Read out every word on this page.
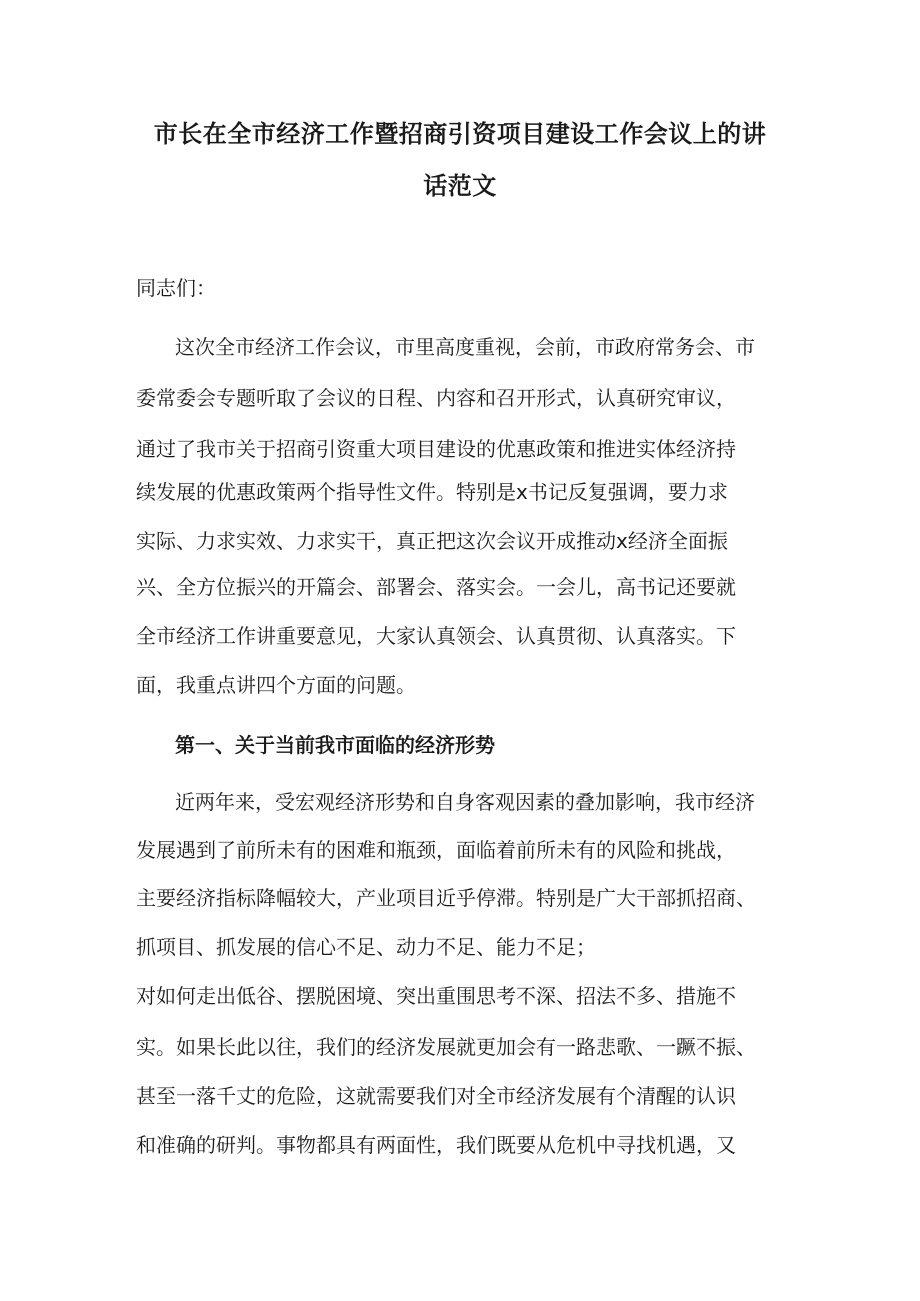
市长在全市经济工作暨招商引资项目建设工作会议上的讲
话范文
同志们：
这次全市经济工作会议，市里高度重视，会前，市政府常务会、市
委常委会专题听取了会议的日程、内容和召开形式，认真研究审议，
通过了我市关于招商引资重大项目建设的优惠政策和推进实体经济持
续发展的优惠政策两个指导性文件。特别是x书记反复强调，要力求
实际、力求实效、力求实干，真正把这次会议开成推动x经济全面振
兴、全方位振兴的开篇会、部署会、落实会。一会儿，高书记还要就
全市经济工作讲重要意见，大家认真领会、认真贯彻、认真落实。下
面，我重点讲四个方面的问题。
第一、关于当前我市面临的经济形势
近两年来，受宏观经济形势和自身客观因素的叠加影响，我市经济
发展遇到了前所未有的困难和瓶颈，面临着前所未有的风险和挑战，
主要经济指标降幅较大，产业项目近乎停滞。特别是广大干部抓招商、
抓项目、抓发展的信心不足、动力不足、能力不足；
对如何走出低谷、摆脱困境、突出重围思考不深、招法不多、措施不
实。如果长此以往，我们的经济发展就更加会有一路悲歌、一蹶不振、
甚至一落千丈的危险，这就需要我们对全市经济发展有个清醒的认识
和准确的研判。事物都具有两面性，我们既要从危机中寻找机遇，又
